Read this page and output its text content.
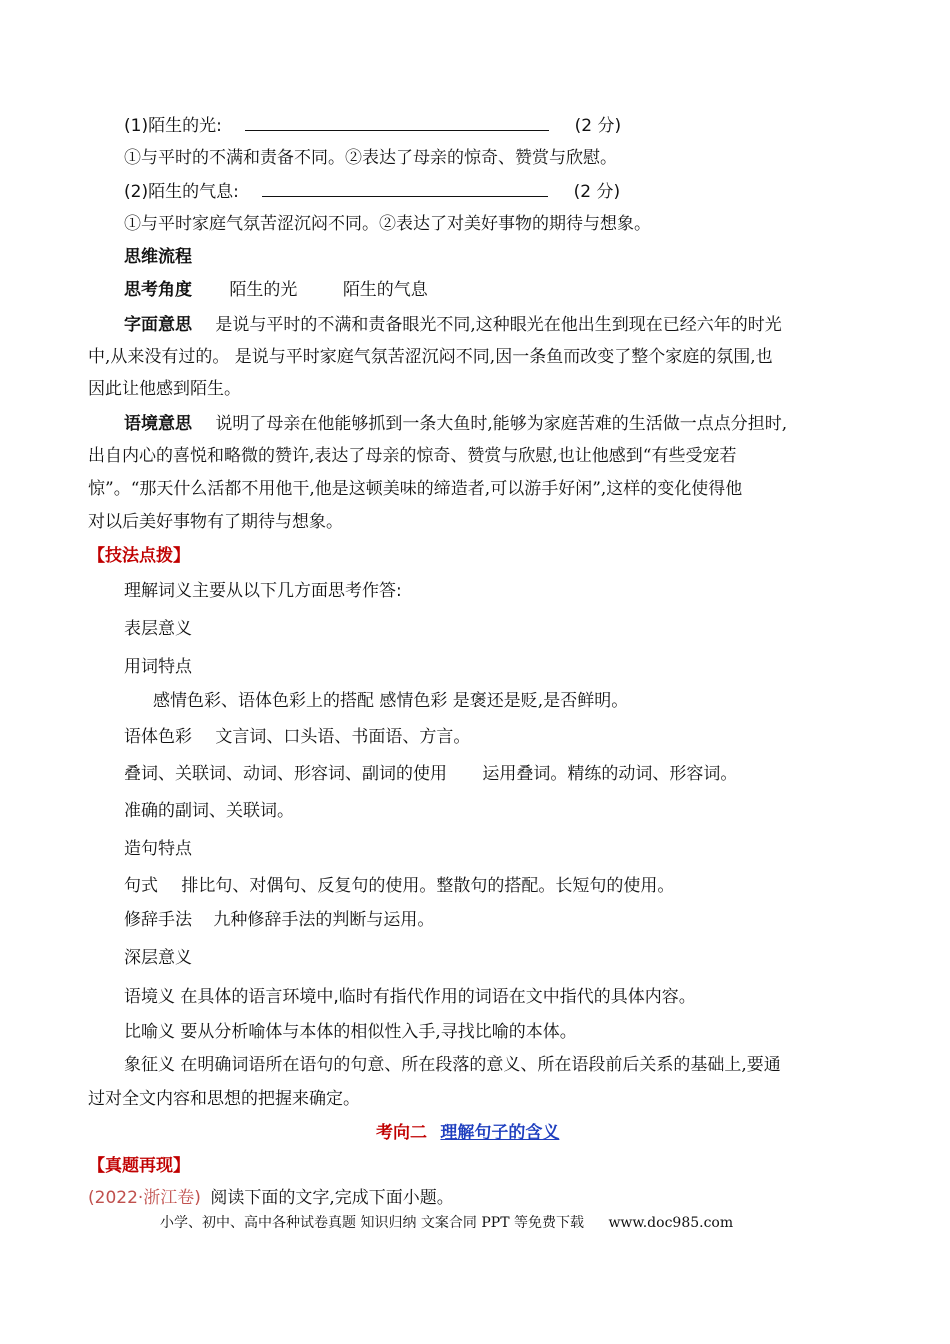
(1)陌生的光:	(2 分)
①与平时的不满和责备不同。②表达了母亲的惊奇、赞赏与欣慰。
(2)陌生的气息:	(2 分)
①与平时家庭气氛苦涩沉闷不同。②表达了对美好事物的期待与想象。
思维流程
思考角度 陌生的光	陌生的气息
字面意思 是说与平时的不满和责备眼光不同,这种眼光在他出生到现在已经六年的时光
中,从来没有过的。 是说与平时家庭气氛苦涩沉闷不同,因一条鱼而改变了整个家庭的氛围,也
因此让他感到陌生。
语境意思 说明了母亲在他能够抓到一条大鱼时,能够为家庭苦难的生活做一点点分担时,
出自内心的喜悦和略微的赞许,表达了母亲的惊奇、赞赏与欣慰,也让他感到“有些受宠若
惊”。“那天什么活都不用他干,他是这顿美味的缔造者,可以游手好闲”,这样的变化使得他
对以后美好事物有了期待与想象。
【技法点拨】
理解词义主要从以下几方面思考作答:
表层意义
用词特点
感情色彩、语体色彩上的搭配 感情色彩 是褒还是贬,是否鲜明。
语体色彩 文言词、口头语、书面语、方言。
叠词、关联词、动词、形容词、副词的使用 运用叠词。精练的动词、形容词。
准确的副词、关联词。
造句特点
句式 排比句、对偶句、反复句的使用。整散句的搭配。长短句的使用。
修辞手法 九种修辞手法的判断与运用。
深层意义
语境义 在具体的语言环境中,临时有指代作用的词语在文中指代的具体内容。
比喻义 要从分析喻体与本体的相似性入手,寻找比喻的本体。
象征义 在明确词语所在语句的句意、所在段落的意义、所在语段前后关系的基础上,要通
过对全文内容和思想的把握来确定。
考向二 理解句子的含义
【真题再现】
(2022·浙江卷) 阅读下面的文字,完成下面小题。
小学、初中、高中各种试卷真题 知识归纳 文案合同 PPT 等免费下载 www.doc985.com
